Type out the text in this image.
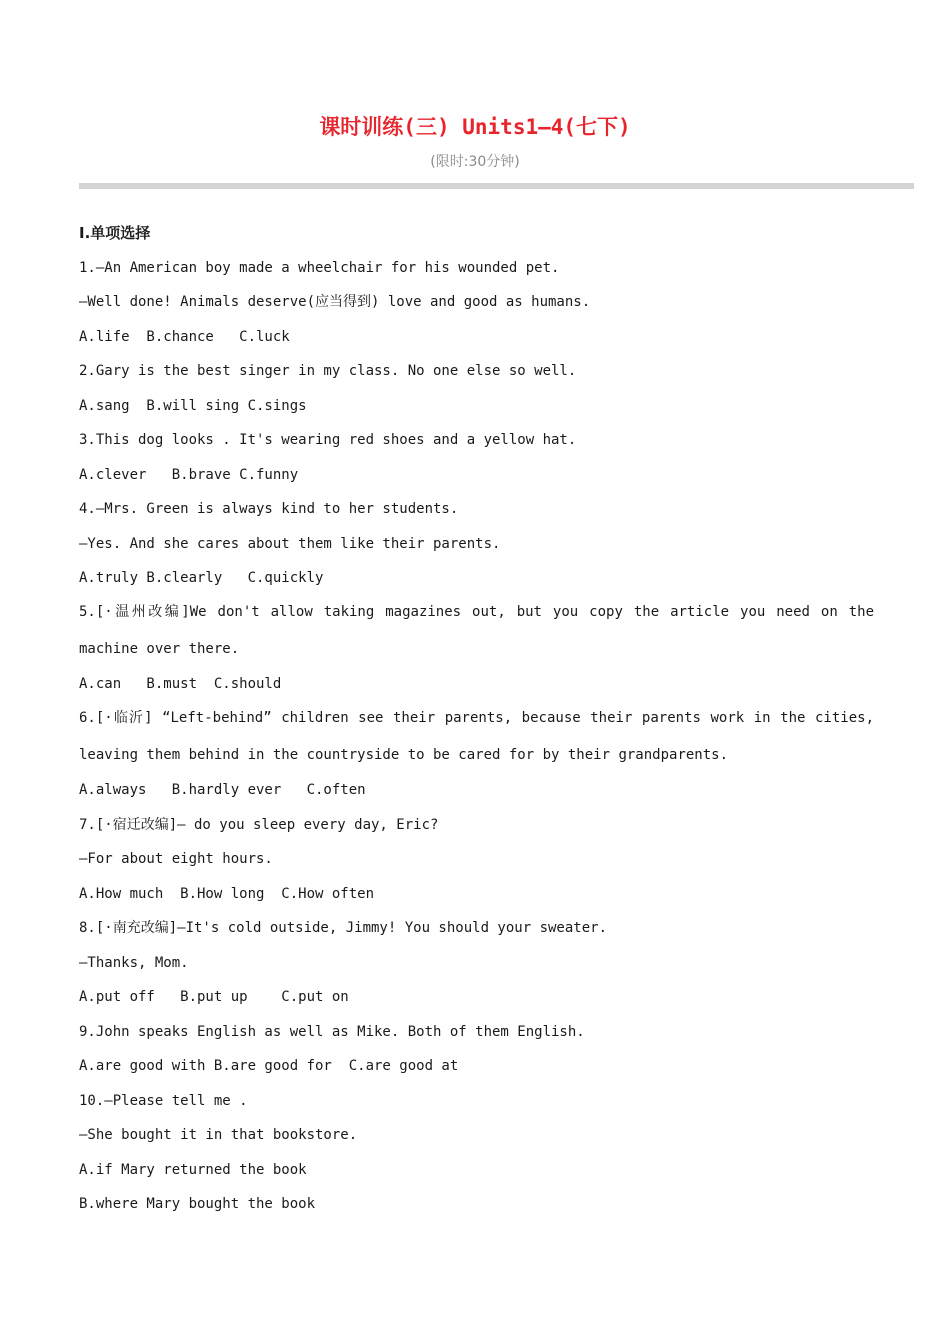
课时训练(三) Units1—4(七下)
(限时:30分钟)
Ⅰ.单项选择
1.—An American boy made a wheelchair for his wounded pet.
—Well done! Animals deserve(应当得到) love and good as humans.
A.life  B.chance   C.luck
2.Gary is the best singer in my class. No one else so well.
A.sang  B.will sing C.sings
3.This dog looks . It's wearing red shoes and a yellow hat.
A.clever   B.brave C.funny
4.—Mrs. Green is always kind to her students.
—Yes. And she cares about them like their parents.
A.truly B.clearly   C.quickly
5.[·温州改编]We don't allow taking magazines out, but you copy the article you need on the machine over there.
A.can   B.must  C.should
6.[·临沂] “Left-behind” children see their parents, because their parents work in the cities, leaving them behind in the countryside to be cared for by their grandparents.
A.always   B.hardly ever   C.often
7.[·宿迁改编]— do you sleep every day, Eric?
—For about eight hours.
A.How much  B.How long  C.How often
8.[·南充改编]—It's cold outside, Jimmy! You should your sweater.
—Thanks, Mom.
A.put off   B.put up    C.put on
9.John speaks English as well as Mike. Both of them English.
A.are good with B.are good for  C.are good at
10.—Please tell me .
—She bought it in that bookstore.
A.if Mary returned the book
B.where Mary bought the book
